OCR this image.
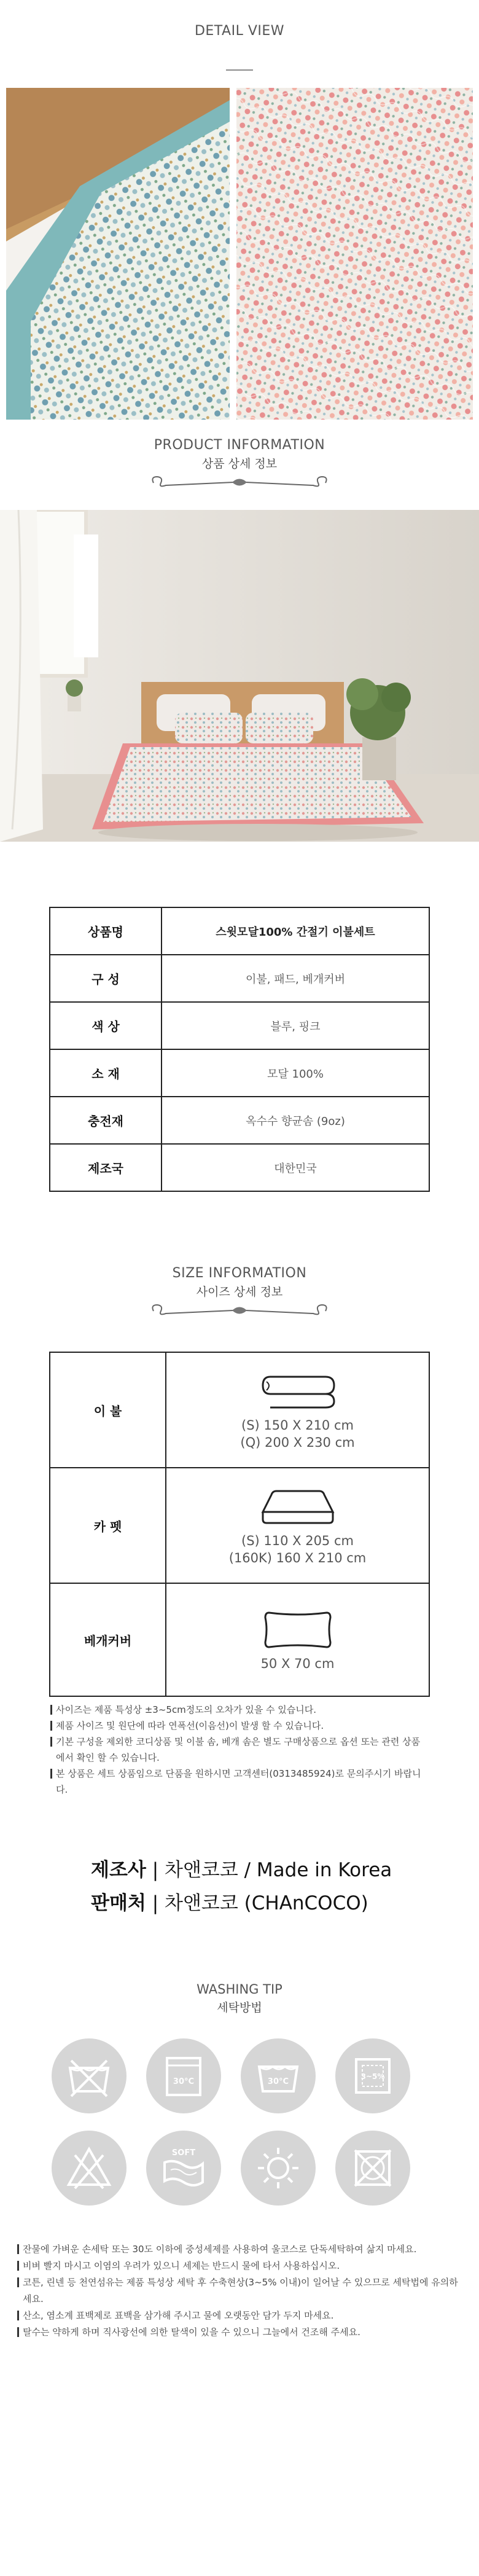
DETAIL VIEW
PRODUCT INFORMATION
상품 상세 정보
상품명	스윗모달100% 간절기 이불세트
구 성	이불, 패드, 베개커버
색 상	블루, 핑크
소 재	모달 100%
충전재	옥수수 향균솜 (9oz)
제조국	대한민국
SIZE INFORMATION
사이즈 상세 정보
이 불	(S) 150 X 210 cm
(Q) 200 X 230 cm

카 펫	(S) 110 X 205 cm
(160K) 160 X 210 cm

베개커버	50 X 70 cm
사이즈는 제품 특성상 ±3~5cm정도의 오차가 있을 수 있습니다.
제품 사이즈 및 원단에 따라 연폭선(이음선)이 발생 할 수 있습니다.
기본 구성을 제외한 코디상품 및 이불 솜, 베개 솜은 별도 구매상품으로 옵션 또는 관련 상품에서 확인 할 수 있습니다.
본 상품은 세트 상품임으로 단품을 원하시면 고객센터(0313485924)로 문의주시기 바랍니다.
제조사 | 차앤코코 / Made in Korea
판매처 | 차앤코코 (CHAnCOCO)
WASHING TIP
세탁방법
30°C	30°C
3~5%
SOFT
잔물에 가벼운 손세탁 또는 30도 이하에 중성세제를 사용하여 울코스로 단독세탁하여 삶지 마세요.
비벼 빨지 마시고 이염의 우려가 있으니 세제는 반드시 물에 타서 사용하십시오.
코튼, 린넨 등 천연섬유는 제품 특성상 세탁 후 수축현상(3~5% 이내)이 일어날 수 있으므로 세탁법에 유의하세요.
산소, 염소계 표백제로 표백을 삼가해 주시고 물에 오랫동안 담가 두지 마세요.
탈수는 약하게 하며 직사광선에 의한 탈색이 있을 수 있으니 그늘에서 건조해 주세요.
